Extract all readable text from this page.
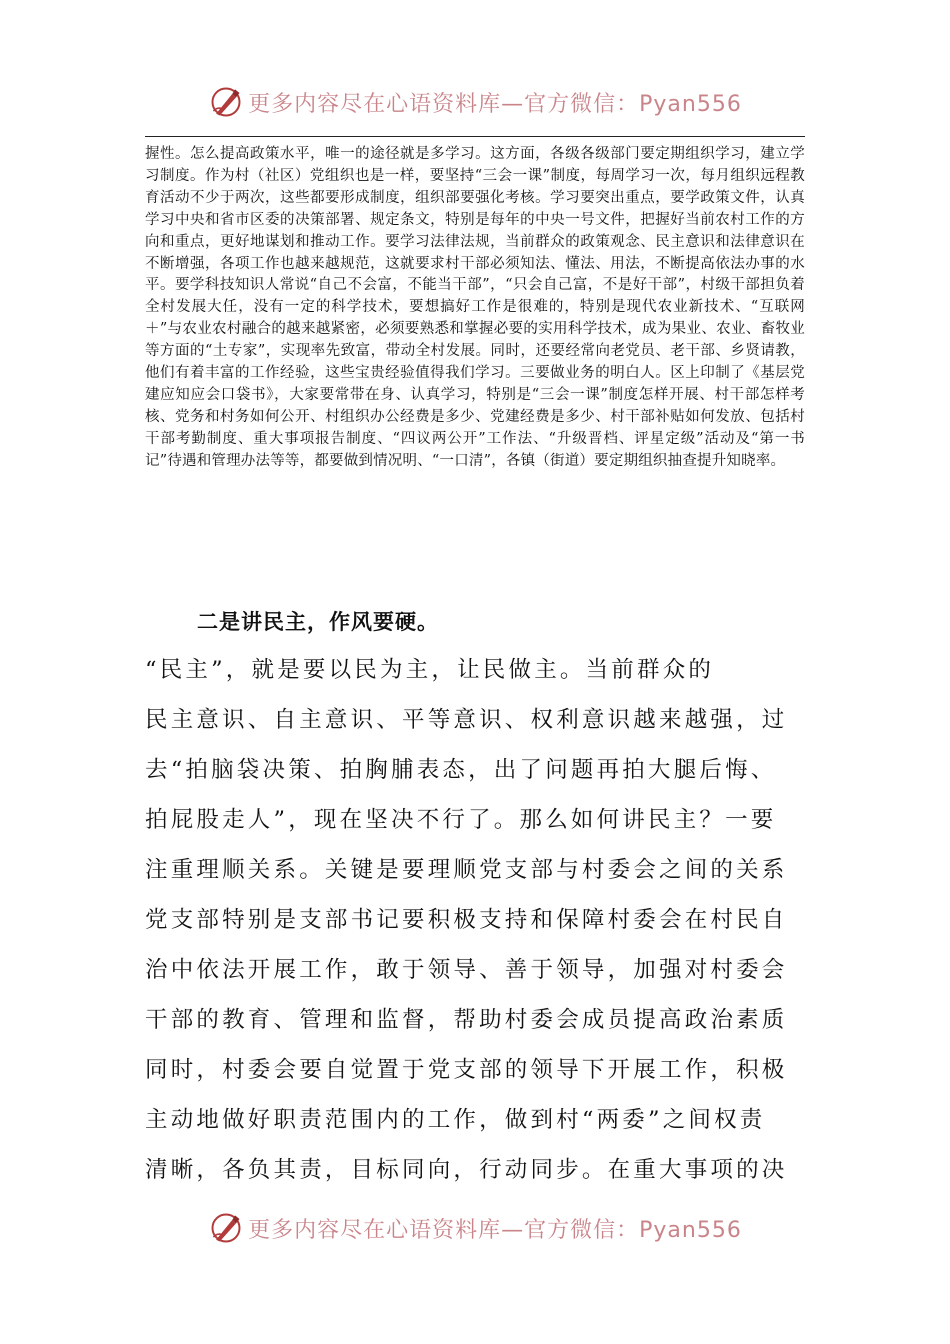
更多内容尽在心语资料库—官方微信：Pyan556

握性。怎么提高政策水平，唯一的途径就是多学习。这方面，各级各级部门要定期组织学习，建立学习制度。作为村（社区）党组织也是一样，要坚持“三会一课”制度，每周学习一次，每月组织远程教育活动不少于两次，这些都要形成制度，组织部要强化考核。学习要突出重点，要学政策文件，认真学习中央和省市区委的决策部署、规定条文，特别是每年的中央一号文件，把握好当前农村工作的方向和重点，更好地谋划和推动工作。要学习法律法规，当前群众的政策观念、民主意识和法律意识在不断增强，各项工作也越来越规范，这就要求村干部必须知法、懂法、用法，不断提高依法办事的水平。要学科技知识人常说“自己不会富，不能当干部”，“只会自己富，不是好干部”，村级干部担负着全村发展大任，没有一定的科学技术，要想搞好工作是很难的，特别是现代农业新技术、“互联网＋”与农业农村融合的越来越紧密，必须要熟悉和掌握必要的实用科学技术，成为果业、农业、畜牧业等方面的“土专家”，实现率先致富，带动全村发展。同时，还要经常向老党员、老干部、乡贤请教，他们有着丰富的工作经验，这些宝贵经验值得我们学习。三要做业务的明白人。区上印制了《基层党建应知应会口袋书》，大家要常带在身、认真学习，特别是“三会一课”制度怎样开展、村干部怎样考核、党务和村务如何公开、村组织办公经费是多少、党建经费是多少、村干部补贴如何发放、包括村干部考勤制度、重大事项报告制度、“四议两公开”工作法、“升级晋档、评星定级”活动及“第一书记”待遇和管理办法等等，都要做到情况明、“一口清”，各镇（街道）要定期组织抽查提升知晓率。

二是讲民主，作风要硬。
“民主”，就是要以民为主，让民做主。当前群众的
民主意识、自主意识、平等意识、权利意识越来越强，过
去“拍脑袋决策、拍胸脯表态，出了问题再拍大腿后悔、
拍屁股走人”，现在坚决不行了。那么如何讲民主？一要
注重理顺关系。关键是要理顺党支部与村委会之间的关系
党支部特别是支部书记要积极支持和保障村委会在村民自
治中依法开展工作，敢于领导、善于领导，加强对村委会
干部的教育、管理和监督，帮助村委会成员提高政治素质
同时，村委会要自觉置于党支部的领导下开展工作，积极
主动地做好职责范围内的工作，做到村“两委”之间权责
清晰，各负其责，目标同向，行动同步。在重大事项的决
更多内容尽在心语资料库—官方微信：Pyan556
